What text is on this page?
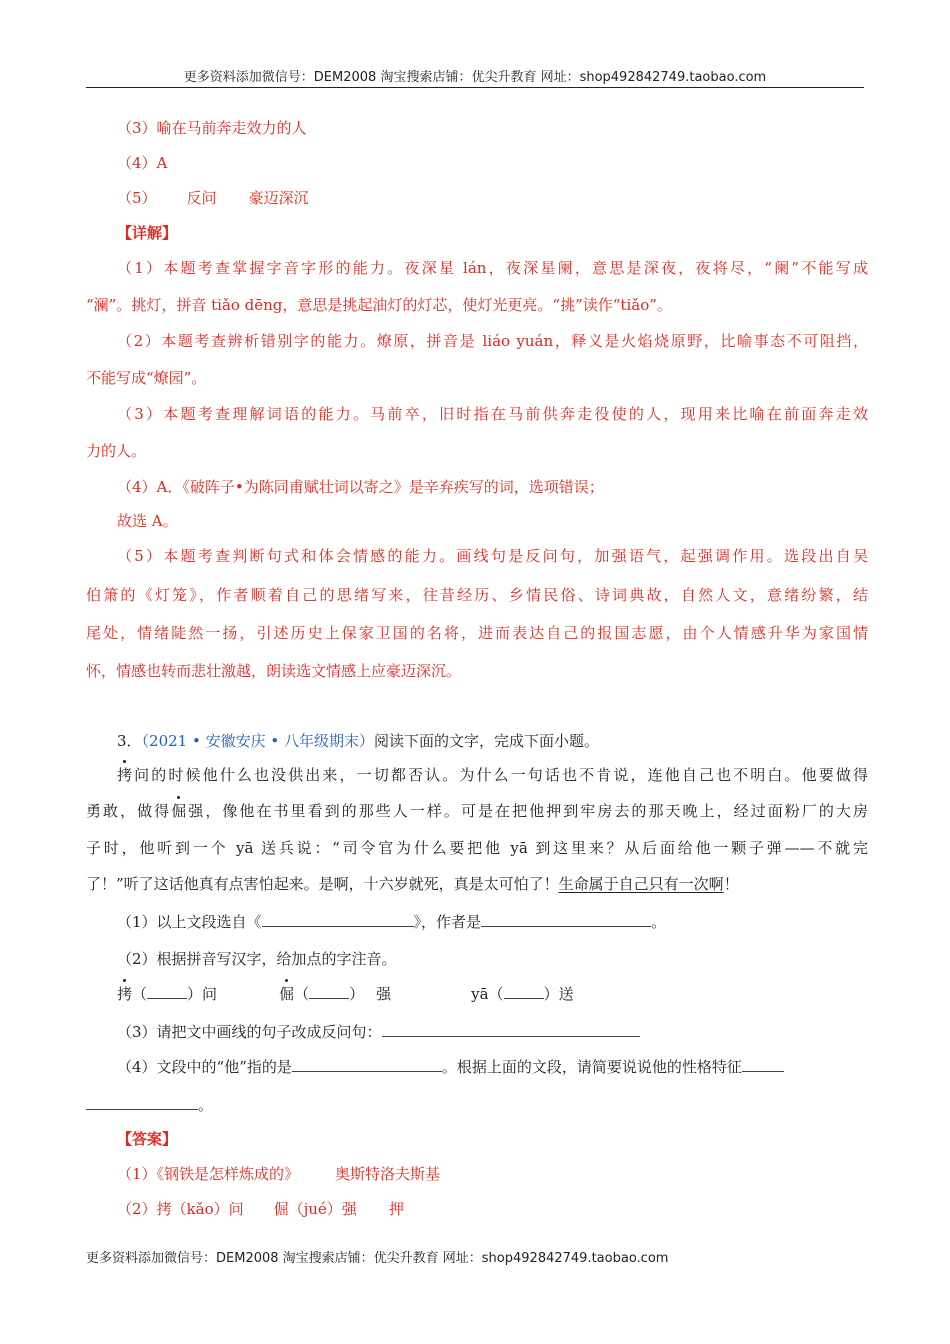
更多资料添加微信号：DEM2008 淘宝搜索店铺：优尖升教育 网址：shop492842749.taobao.com
（3）喻在马前奔走效力的人
（4）A
（5） 反问 豪迈深沉
【详解】
（1）本题考查掌握字音字形的能力。夜深星 lán，夜深星阑，意思是深夜，夜将尽，“阑”不能写成
“澜”。挑灯，拼音 tiǎo dēng，意思是挑起油灯的灯芯，使灯光更亮。“挑”读作“tiǎo”。
（2）本题考查辨析错别字的能力。燎原，拼音是 liáo yuán，释义是火焰烧原野，比喻事态不可阻挡，
不能写成“燎园”。
（3）本题考查理解词语的能力。马前卒，旧时指在马前供奔走役使的人，现用来比喻在前面奔走效
力的人。
（4）A．《破阵子•为陈同甫赋壮词以寄之》是辛弃疾写的词，选项错误；
故选 A。
（5）本题考查判断句式和体会情感的能力。画线句是反问句，加强语气，起强调作用。选段出自吴
伯箫的《灯笼》，作者顺着自己的思绪写来，往昔经历、乡情民俗、诗词典故，自然人文，意绪纷繁，结
尾处，情绪陡然一扬，引述历史上保家卫国的名将，进而表达自己的报国志愿，由个人情感升华为家国情
怀，情感也转而悲壮激越，朗读选文情感上应豪迈深沉。
3．（2021 • 安徽安庆 • 八年级期末）阅读下面的文字，完成下面小题。
拷问的时候他什么也没供出来，一切都否认。为什么一句话也不肯说，连他自己也不明白。他要做得
勇敢，做得倔强，像他在书里看到的那些人一样。可是在把他押到牢房去的那天晚上，经过面粉厂的大房
子时，他听到一个 yā 送兵说：“司令官为什么要把他 yā 到这里来？从后面给他一颗子弹——不就完
了！”听了这话他真有点害怕起来。是啊，十六岁就死，真是太可怕了！生命属于自己只有一次啊！
（1）以上文段选自《	》，作者是	。
（2）根据拼音写汉字，给加点的字注音。
拷（	）问	倔（	） 强	yā（	）送
（3）请把文中画线的句子改成反问句：
（4）文段中的“他”指的是	。根据上面的文段，请简要说说他的性格特征
。
【答案】
（1）《钢铁是怎样炼成的》 奥斯特洛夫斯基
（2）拷（kǎo）问 倔（jué）强 押
更多资料添加微信号：DEM2008 淘宝搜索店铺：优尖升教育 网址：shop492842749.taobao.com
